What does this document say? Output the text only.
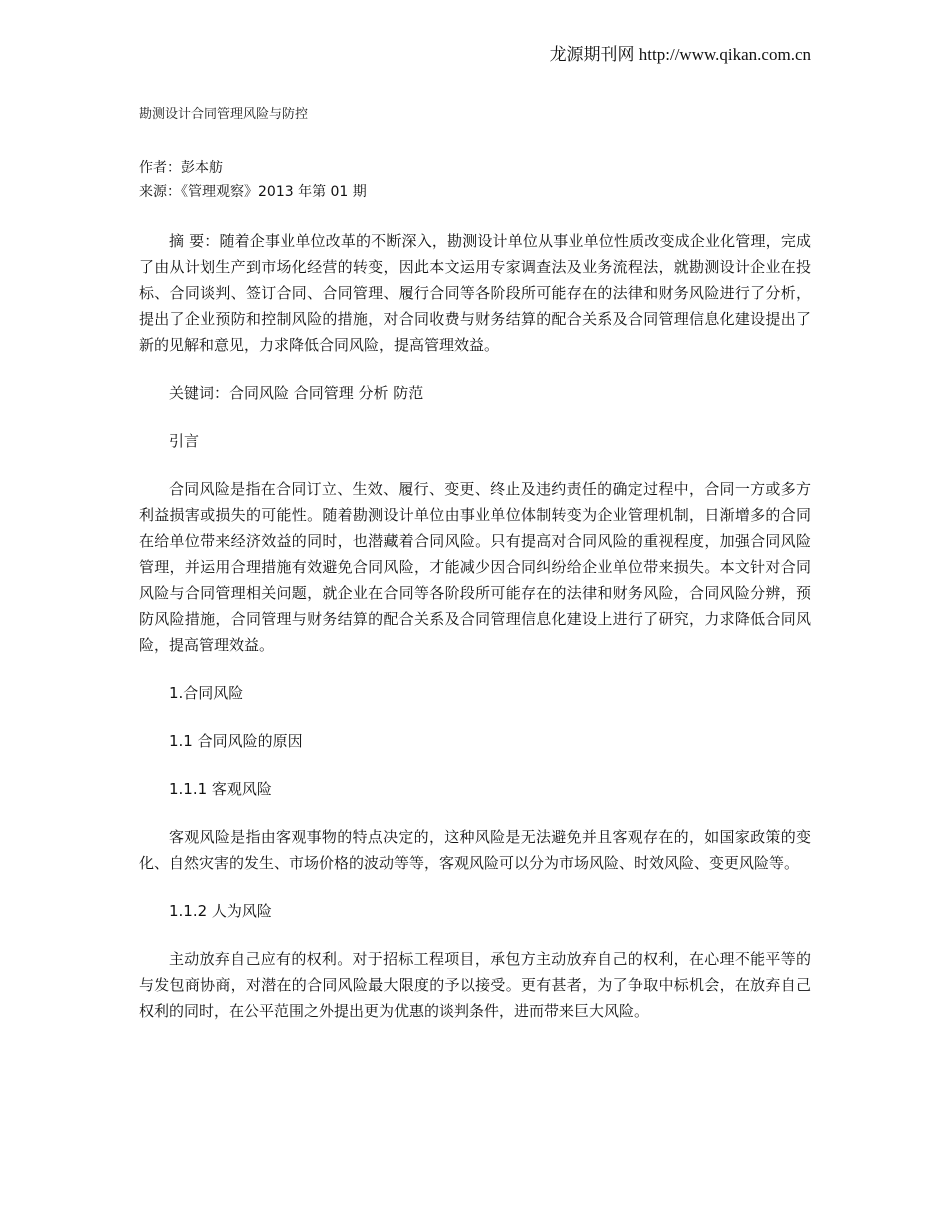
龙源期刊网 http://www.qikan.com.cn
勘测设计合同管理风险与防控
作者：彭本舫
来源：《管理观察》2013 年第 01 期

摘 要：随着企事业单位改革的不断深入，勘测设计单位从事业单位性质改变成企业化管理，完成了由从计划生产到市场化经营的转变，因此本文运用专家调查法及业务流程法，就勘测设计企业在投标、合同谈判、签订合同、合同管理、履行合同等各阶段所可能存在的法律和财务风险进行了分析，提出了企业预防和控制风险的措施，对合同收费与财务结算的配合关系及合同管理信息化建设提出了新的见解和意见，力求降低合同风险，提高管理效益。

关键词：合同风险 合同管理 分析 防范

引言

合同风险是指在合同订立、生效、履行、变更、终止及违约责任的确定过程中，合同一方或多方利益损害或损失的可能性。随着勘测设计单位由事业单位体制转变为企业管理机制，日渐增多的合同在给单位带来经济效益的同时，也潜藏着合同风险。只有提高对合同风险的重视程度，加强合同风险管理，并运用合理措施有效避免合同风险，才能减少因合同纠纷给企业单位带来损失。本文针对合同风险与合同管理相关问题，就企业在合同等各阶段所可能存在的法律和财务风险，合同风险分辨，预防风险措施，合同管理与财务结算的配合关系及合同管理信息化建设上进行了研究，力求降低合同风险，提高管理效益。

1.合同风险

1.1 合同风险的原因

1.1.1 客观风险

客观风险是指由客观事物的特点决定的，这种风险是无法避免并且客观存在的，如国家政策的变化、自然灾害的发生、市场价格的波动等等，客观风险可以分为市场风险、时效风险、变更风险等。

1.1.2 人为风险

主动放弃自己应有的权利。对于招标工程项目，承包方主动放弃自己的权利，在心理不能平等的与发包商协商，对潜在的合同风险最大限度的予以接受。更有甚者，为了争取中标机会，在放弃自己权利的同时，在公平范围之外提出更为优惠的谈判条件，进而带来巨大风险。
